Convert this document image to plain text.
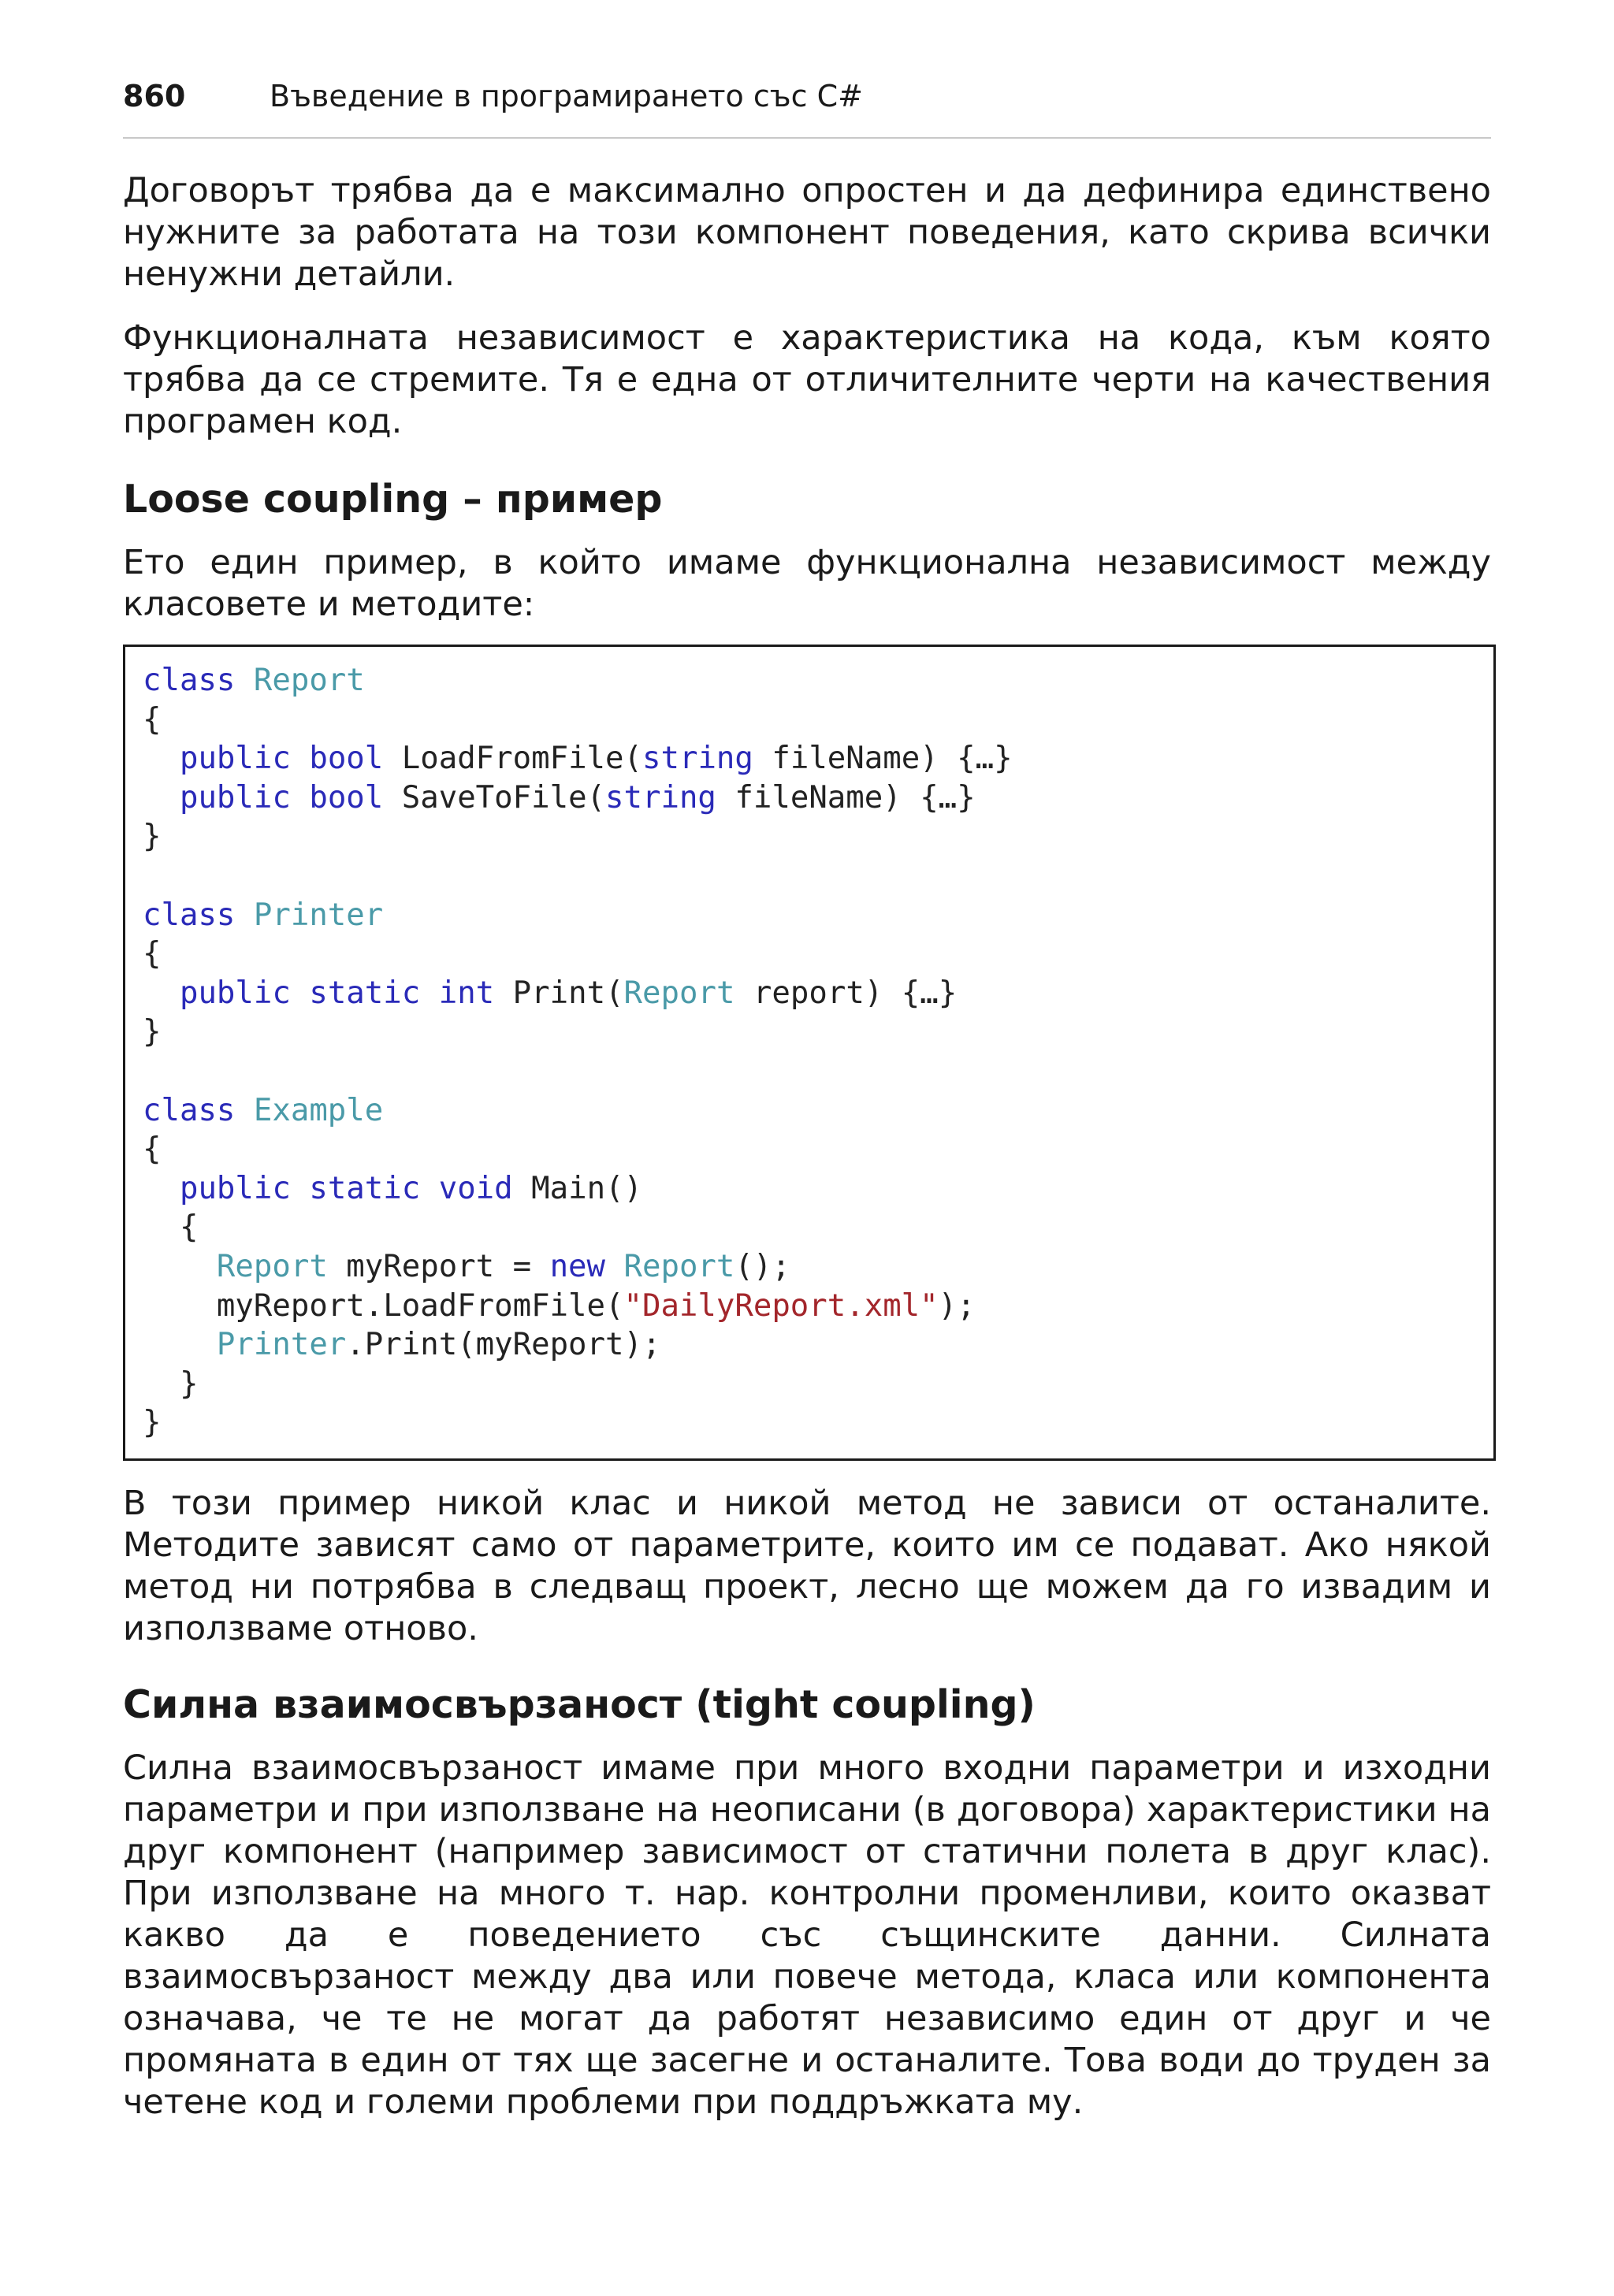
860	Въведение в програмирането със C#

Договорът трябва да е максимално опростен и да дефинира единствено нужните за работата на този компонент поведения, като скрива всички ненужни детайли.

Функционалната независимост е характеристика на кода, към която трябва да се стремите. Тя е една от отличителните черти на качествения програмен код.

Loose coupling – пример

Ето един пример, в който имаме функционална независимост между класовете и методите:

class Report
{
public bool LoadFromFile(string fileName) {…}
public bool SaveToFile(string fileName) {…}
}

class Printer
{
public static int Print(Report report) {…}
}

class Example
{
public static void Main()
{
Report myReport = new Report();
myReport.LoadFromFile("DailyReport.xml");
Printer.Print(myReport);
}
}

В този пример никой клас и никой метод не зависи от останалите. Методите зависят само от параметрите, които им се подават. Ако някой метод ни потрябва в следващ проект, лесно ще можем да го извадим и използваме отново.

Силна взаимосвързаност (tight coupling)

Силна взаимосвързаност имаме при много входни параметри и изходни параметри и при използване на неописани (в договора) характеристики на друг компонент (например зависимост от статични полета в друг клас). При използване на много т. нар. контролни променливи, които оказват какво да е поведението със същинските данни. Силната взаимосвързаност между два или повече метода, класа или компонента означава, че те не могат да работят независимо един от друг и че промяната в един от тях ще засегне и останалите. Това води до труден за четене код и големи проблеми при поддръжката му.
